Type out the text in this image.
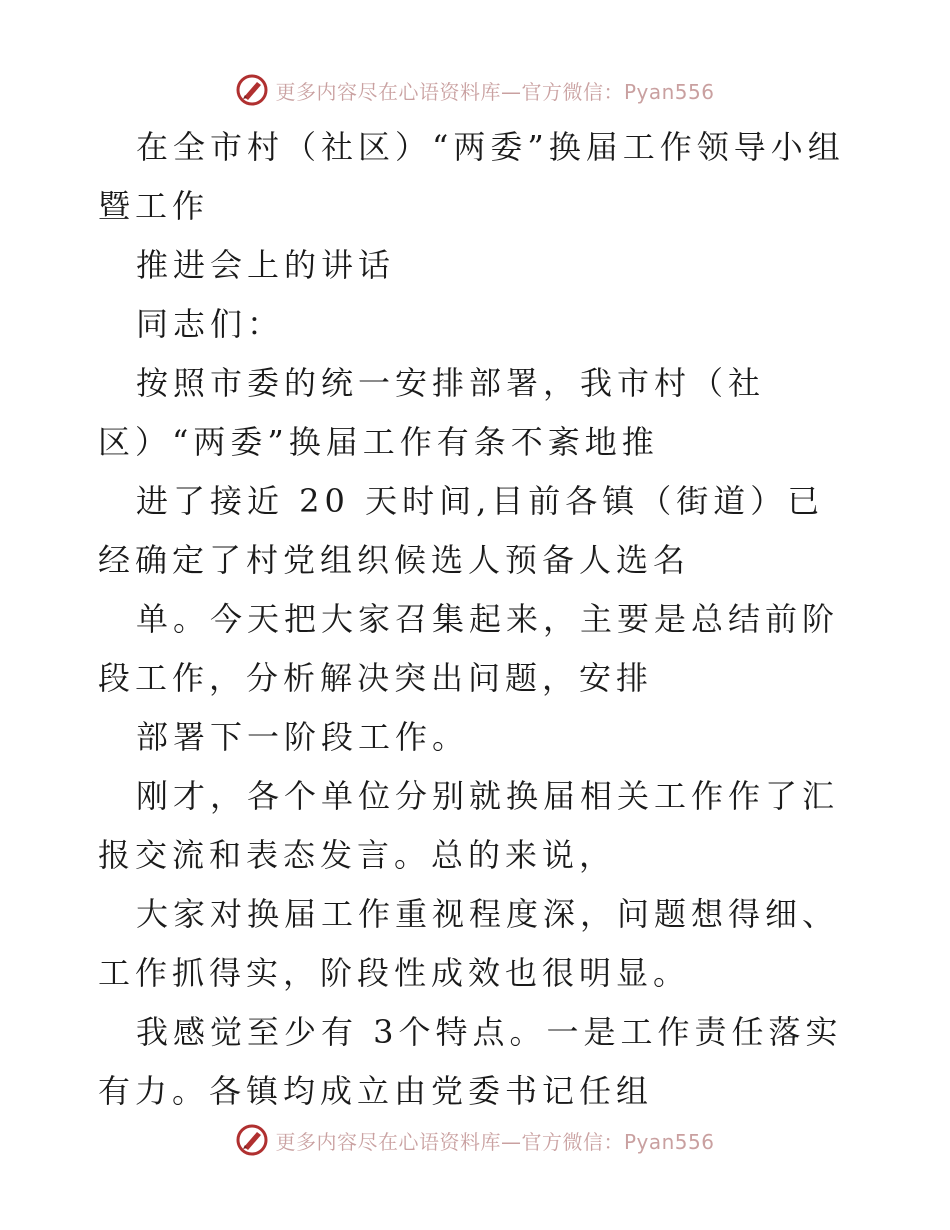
更多内容尽在心语资料库—官方微信：Pyan556

在全市村（社区）“两委”换届工作领导小组暨工作

推进会上的讲话

同志们：

按照市委的统一安排部署，我市村（社区）“两委”换届工作有条不紊地推

进了接近 20 天时间,目前各镇（街道）已经确定了村党组织候选人预备人选名

单。今天把大家召集起来，主要是总结前阶段工作，分析解决突出问题，安排

部署下一阶段工作。

刚才，各个单位分别就换届相关工作作了汇报交流和表态发言。总的来说，

大家对换届工作重视程度深，问题想得细、工作抓得实，阶段性成效也很明显。

我感觉至少有 3个特点。一是工作责任落实有力。各镇均成立由党委书记任组

更多内容尽在心语资料库—官方微信：Pyan556
